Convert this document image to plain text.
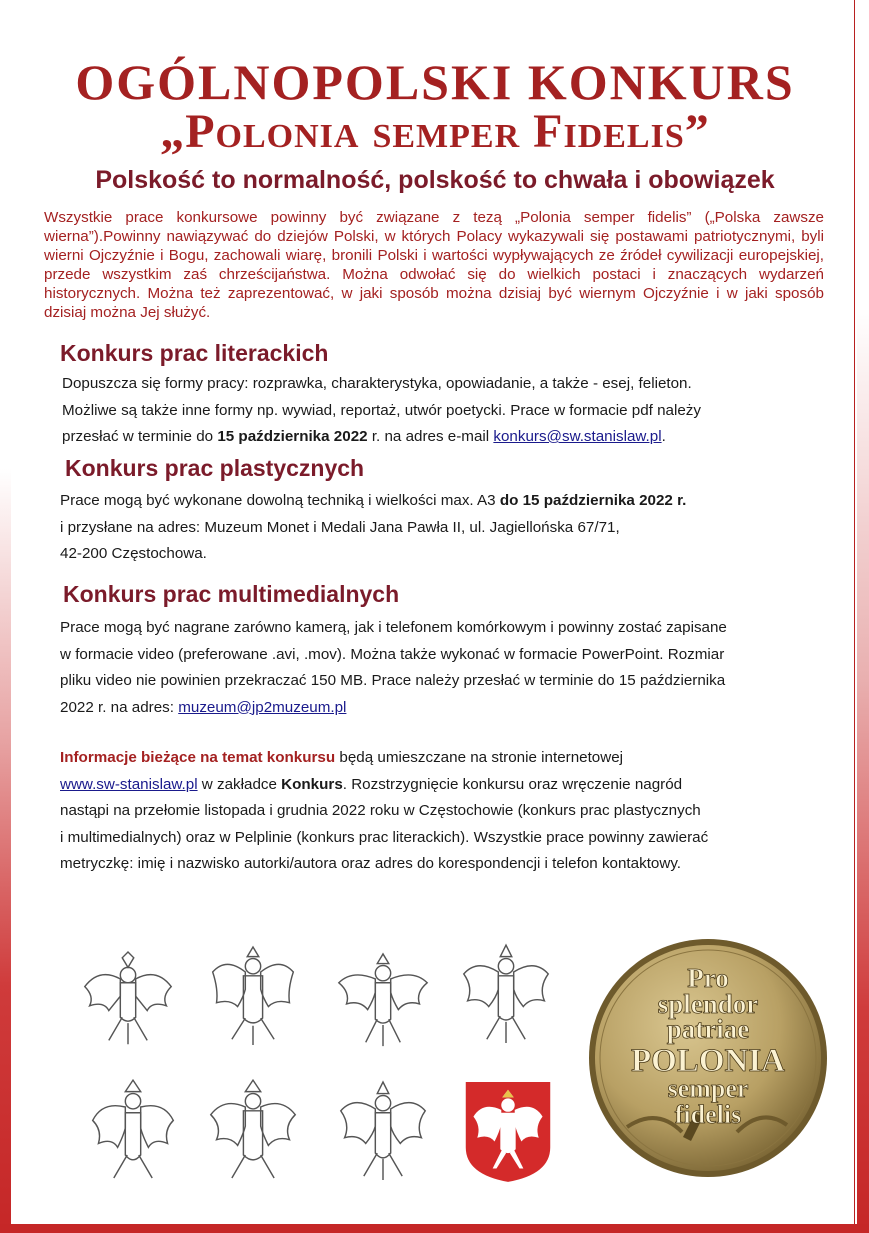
OGÓLNOPOLSKI KONKURS
„Polonia semper Fidelis”
Polskość to normalność, polskość to chwała i obowiązek

Wszystkie prace konkursowe powinny być związane z tezą „Polonia semper fidelis” („Polska zawsze wierna”).Powinny nawiązywać do dziejów Polski, w których Polacy wykazywali się postawami patriotycznymi, byli wierni Ojczyźnie i Bogu, zachowali wiarę, bronili Polski i wartości wypływających ze źródeł cywilizacji europejskiej, przede wszystkim zaś chrześcijaństwa. Można odwołać się do wielkich postaci i znaczących wydarzeń historycznych. Można też zaprezentować, w jaki sposób można dzisiaj być wiernym Ojczyźnie i w jaki sposób dzisiaj można Jej służyć.

Konkurs prac literackich
Dopuszcza się formy pracy: rozprawka, charakterystyka, opowiadanie, a także - esej, felieton.
Możliwe są także inne formy np. wywiad, reportaż, utwór poetycki. Prace w formacie pdf należy
przesłać w terminie do 15 października 2022 r. na adres e-mail konkurs@sw.stanislaw.pl.
Konkurs prac plastycznych
Prace mogą być wykonane dowolną techniką i wielkości max. A3 do 15 października 2022 r.
i przysłane na adres: Muzeum Monet i Medali Jana Pawła II, ul. Jagiellońska 67/71,
42-200 Częstochowa.
Konkurs prac multimedialnych
Prace mogą być nagrane zarówno kamerą, jak i telefonem komórkowym i powinny zostać zapisane
w formacie video (preferowane .avi, .mov). Można także wykonać w formacie PowerPoint. Rozmiar
pliku video nie powinien przekraczać 150 MB. Prace należy przesłać w terminie do 15 października
2022 r. na adres: muzeum@jp2muzeum.pl
Informacje bieżące na temat konkursu będą umieszczane na stronie internetowej
www.sw-stanislaw.pl w zakładce Konkurs. Rozstrzygnięcie konkursu oraz wręczenie nagród
nastąpi na przełomie listopada i grudnia 2022 roku w Częstochowie (konkurs prac plastycznych
i multimedialnych) oraz w Pelplinie (konkurs prac literackich). Wszystkie prace powinny zawierać
metryczkę: imię i nazwisko autorki/autora oraz adres do korespondencji i telefon kontaktowy.
Pro
splendor
patriae
POLONIA
semper
fidelis
